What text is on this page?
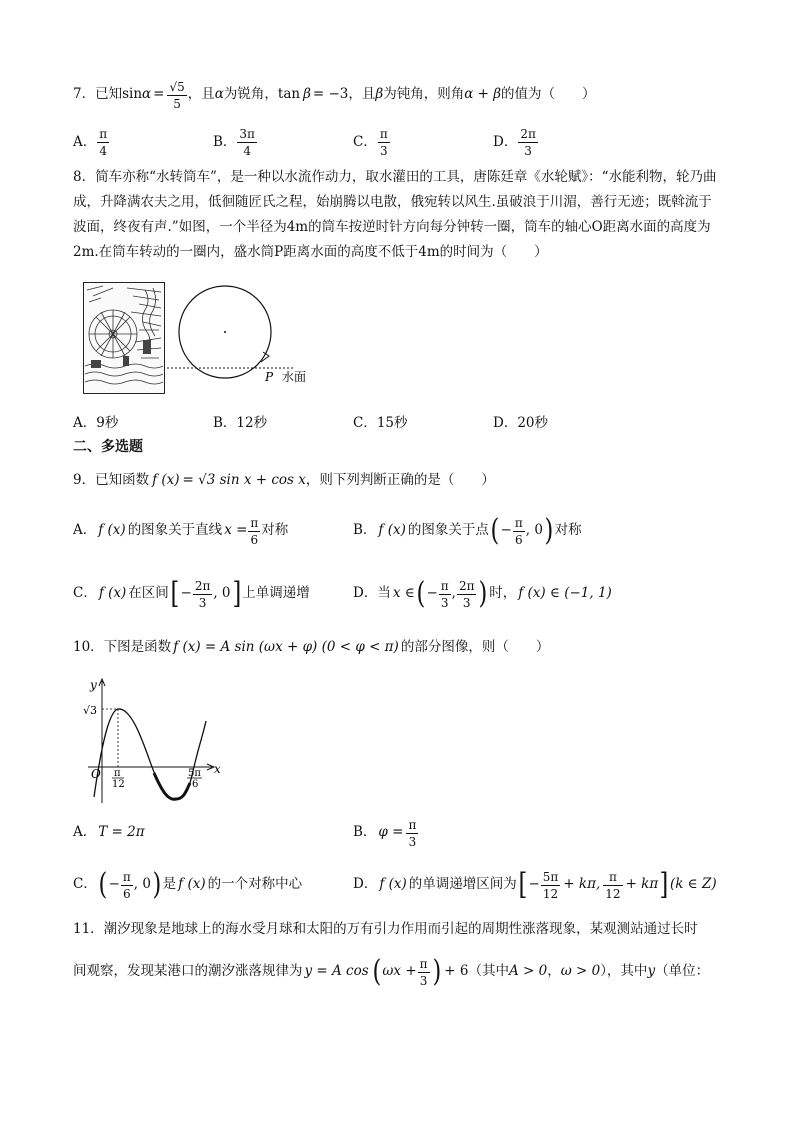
7．已知 $\sin \alpha = \frac{√5}{5}$ ，且 α 为锐角， tan β = −3 ，且 β 为钝角，则角 α + β 的值为（　　）
A． $\frac{\pi}{4}$	B． $\frac{3\pi}{4}$	C． $\frac{\pi}{3}$	D． $\frac{2\pi}{3}$
8．简车亦称“水转筒车”，是一种以水流作动力，取水灌田的工具，唐陈廷章《水轮赋》：“水能利物，轮乃曲成，升降满农夫之用，低徊随匠氏之程，始崩腾以电散，俄宛转以风生.虽破浪于川湄，善行无迹；既斡流于波面，终夜有声.”如图，一个半径为4m的筒车按逆时针方向每分钟转一圈，筒车的轴心O距离水面的高度为2m.在筒车转动的一圈内，盛水筒P距离水面的高度不低于4m的时间为（　　）
P 水面
A．9秒	B．12秒	C．15秒	D．20秒
二、多选题
9．已知函数 f (x) = √3 sin x + cos x ，则下列判断正确的是（　　）
A． f (x) 的图象关于直线 $x = \frac{\pi}{6}$ 对称	B． f (x) 的图象关于点 ( − $\frac{\pi}{6}$ , 0 ) 对称
C． f (x) 在区间 [ − $\frac{2\pi}{3}$ , 0 ] 上单调递增	D． 当 x ∈ ( − $\frac{\pi}{3}$ , $\frac{2\pi}{3}$ ) 时， f (x) ∈ (−1, 1)
10．下图是函数 f (x) = A sin (ωx + φ) (0 < φ < π) 的部分图像，则（　　）
y
x
O
√3
π
12
5π
6
A． T = 2π	B． $\varphi = \frac{\pi}{3}$
C． ( − $\frac{\pi}{6}$ , 0 ) 是 f (x) 的一个对称中心	D． f (x) 的单调递增区间为 [ − $\frac{5\pi}{12} + k\pi$, $\frac{\pi}{12} + k\pi$ ] (k ∈ Z)
11．潮汐现象是地球上的海水受月球和太阳的万有引力作用而引起的周期性涨落现象，某观测站通过长时
间观察，发现某港口的潮汐涨落规律为 y = A cos ( $\omega x + \frac{\pi}{3}$ ) + 6 （其中 A > 0 ， ω > 0 ），其中 y （单位：
